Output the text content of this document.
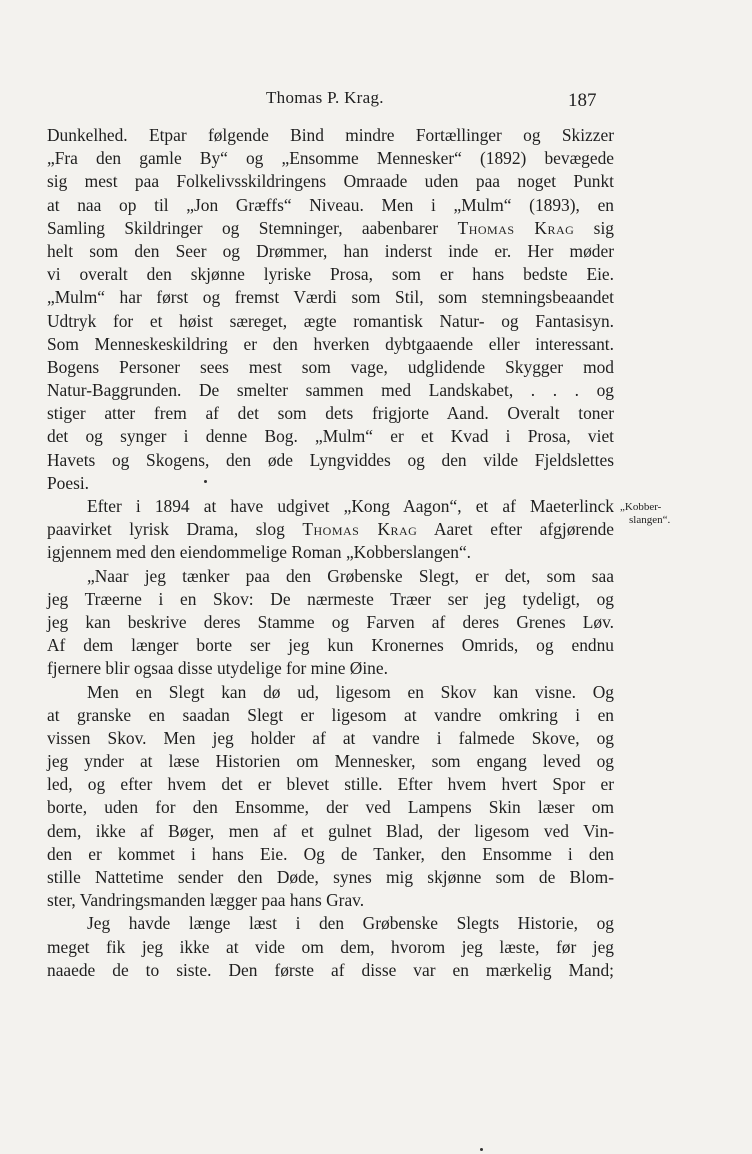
Thomas P. Krag.	187
Dunkelhed. Etpar følgende Bind mindre Fortællinger og Skizzer
„Fra den gamle By“ og „Ensomme Mennesker“ (1892) bevægede
sig mest paa Folkelivsskildringens Omraade uden paa noget Punkt
at naa op til „Jon Græffs“ Niveau. Men i „Mulm“ (1893), en
Samling Skildringer og Stemninger, aabenbarer Thomas Krag sig
helt som den Seer og Drømmer, han inderst inde er. Her møder
vi overalt den skjønne lyriske Prosa, som er hans bedste Eie.
„Mulm“ har først og fremst Værdi som Stil, som stemningsbeaandet
Udtryk for et høist særeget, ægte romantisk Natur- og Fantasisyn.
Som Menneskeskildring er den hverken dybtgaaende eller interessant.
Bogens Personer sees mest som vage, udglidende Skygger mod
Natur-Baggrunden. De smelter sammen med Landskabet, . . . og
stiger atter frem af det som dets frigjorte Aand. Overalt toner
det og synger i denne Bog. „Mulm“ er et Kvad i Prosa, viet
Havets og Skogens, den øde Lyngviddes og den vilde Fjeldslettes
Poesi.
Efter i 1894 at have udgivet „Kong Aagon“, et af Maeterlinck
paavirket lyrisk Drama, slog Thomas Krag Aaret efter afgjørende
igjennem med den eiendommelige Roman „Kobberslangen“.
„Naar jeg tænker paa den Grøbenske Slegt, er det, som saa
jeg Træerne i en Skov: De nærmeste Træer ser jeg tydeligt, og
jeg kan beskrive deres Stamme og Farven af deres Grenes Løv.
Af dem længer borte ser jeg kun Kronernes Omrids, og endnu
fjernere blir ogsaa disse utydelige for mine Øine.
Men en Slegt kan dø ud, ligesom en Skov kan visne. Og
at granske en saadan Slegt er ligesom at vandre omkring i en
vissen Skov. Men jeg holder af at vandre i falmede Skove, og
jeg ynder at læse Historien om Mennesker, som engang leved og
led, og efter hvem det er blevet stille. Efter hvem hvert Spor er
borte, uden for den Ensomme, der ved Lampens Skin læser om
dem, ikke af Bøger, men af et gulnet Blad, der ligesom ved Vin-
den er kommet i hans Eie. Og de Tanker, den Ensomme i den
stille Nattetime sender den Døde, synes mig skjønne som de Blom-
ster, Vandringsmanden lægger paa hans Grav.
Jeg havde længe læst i den Grøbenske Slegts Historie, og
meget fik jeg ikke at vide om dem, hvorom jeg læste, før jeg
naaede de to siste. Den første af disse var en mærkelig Mand;
„Kobber-
slangen“.
